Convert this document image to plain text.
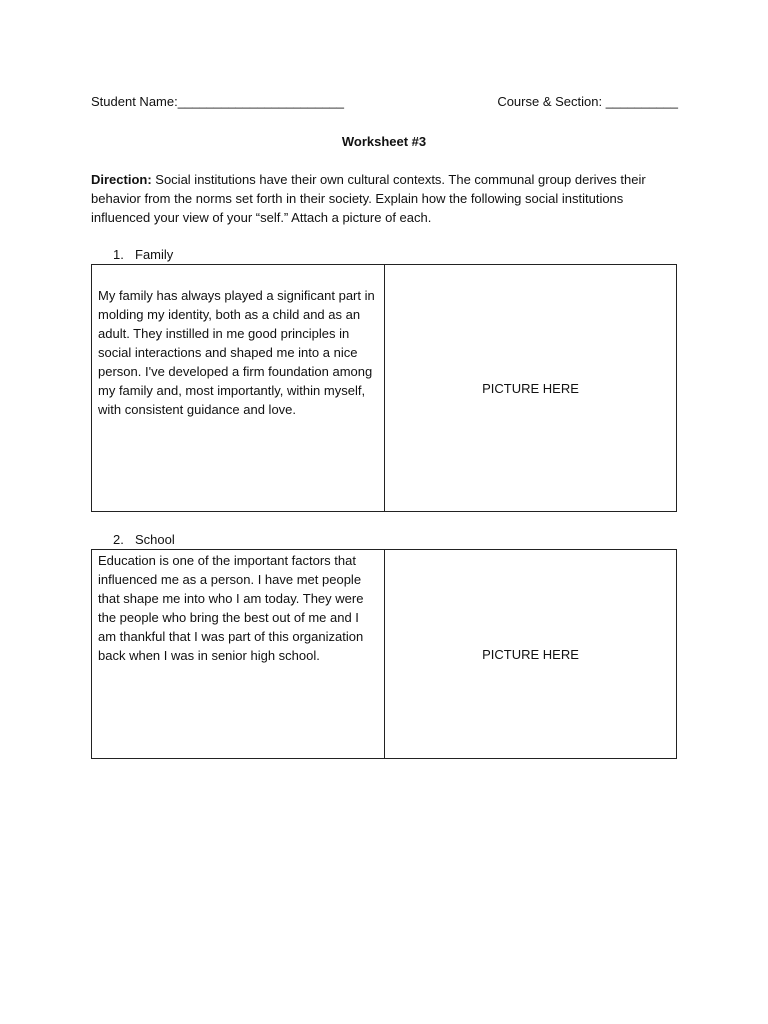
Student Name:_______________________	Course & Section: __________
Worksheet #3
Direction: Social institutions have their own cultural contexts. The communal group derives their behavior from the norms set forth in their society. Explain how the following social institutions influenced your view of your “self.” Attach a picture of each.
1. Family
My family has always played a significant part in molding my identity, both as a child and as an adult. They instilled in me good principles in social interactions and shaped me into a nice person. I've developed a firm foundation among my family and, most importantly, within myself, with consistent guidance and love.
PICTURE HERE
2. School
Education is one of the important factors that influenced me as a person. I have met people that shape me into who I am today. They were the people who bring the best out of me and I am thankful that I was part of this organization back when I was in senior high school.	PICTURE HERE
